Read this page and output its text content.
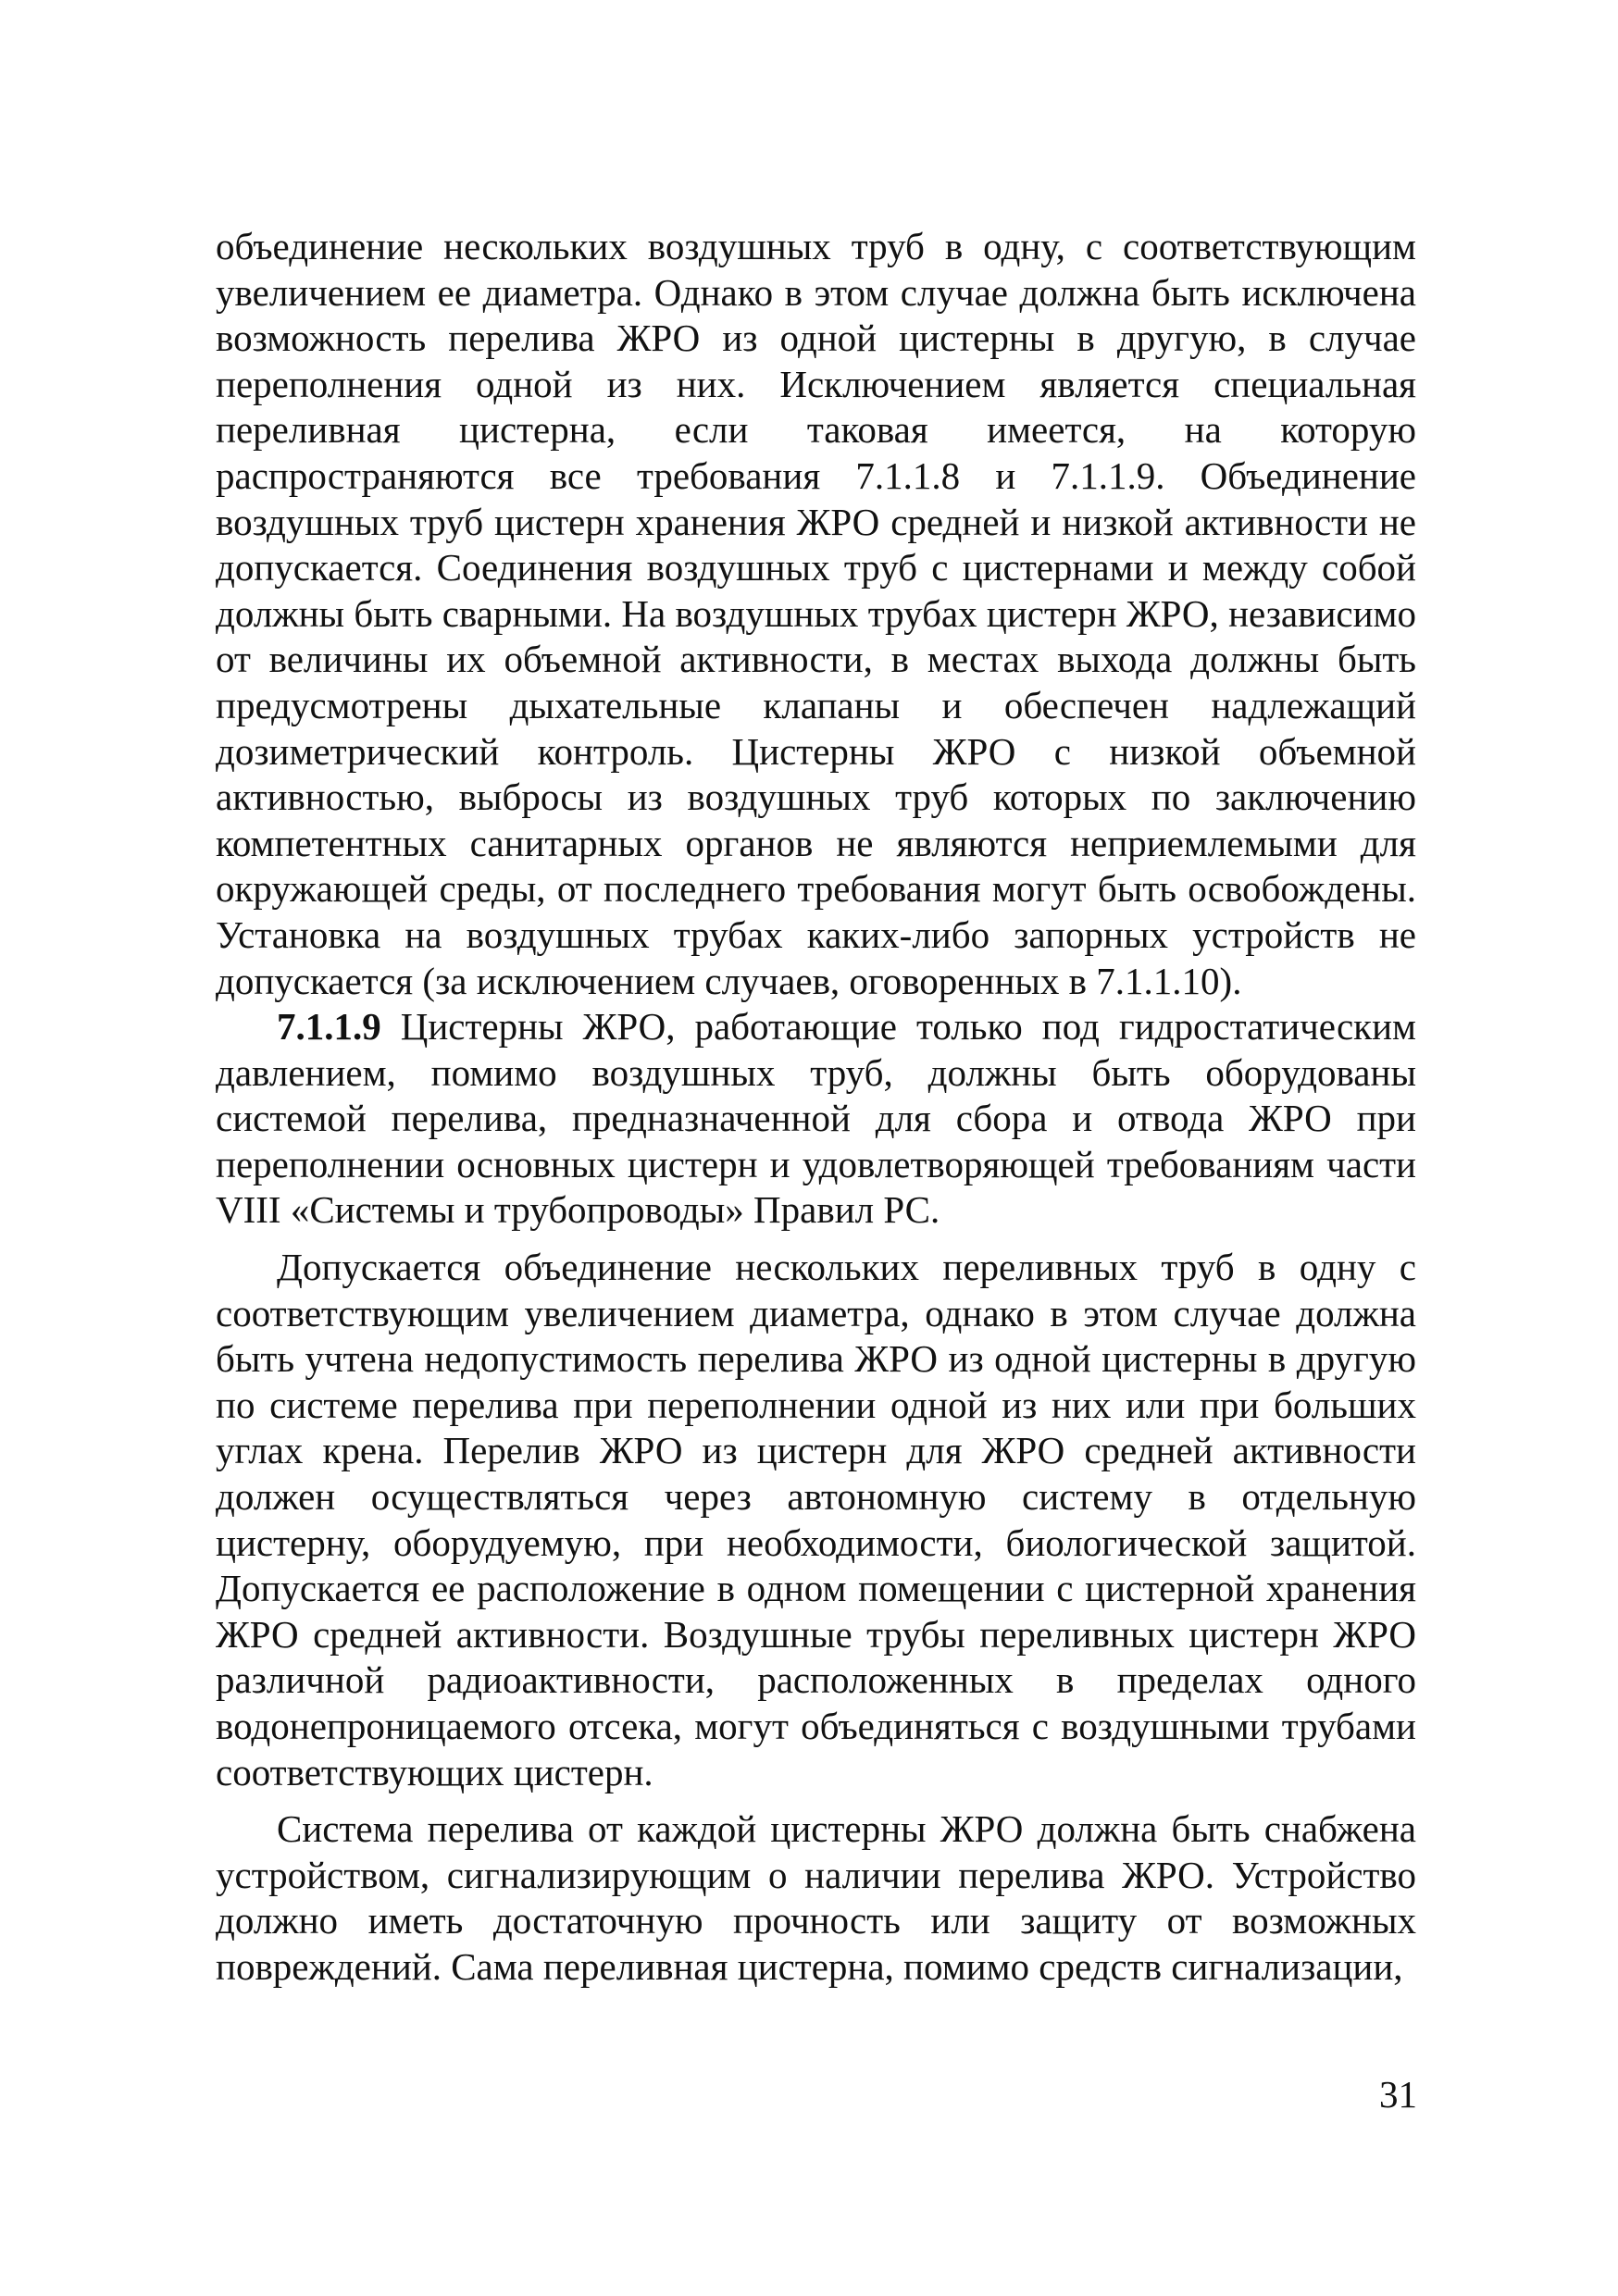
объединение нескольких воздушных труб в одну, с соответствующим увеличением ее диаметра. Однако в этом случае должна быть исключена возможность перелива ЖРО из одной цистерны в другую, в случае переполнения одной из них. Исключением является специальная переливная цистерна, если таковая имеется, на которую распространяются все требования 7.1.1.8 и 7.1.1.9. Объединение воздушных труб цистерн хранения ЖРО средней и низкой активности не допускается. Соединения воздушных труб с цистернами и между собой должны быть сварными. На воздушных трубах цистерн ЖРО, независимо от величины их объемной активности, в местах выхода должны быть предусмотрены дыхательные клапаны и обеспечен надлежащий дозиметрический контроль. Цистерны ЖРО с низкой объемной активностью, выбросы из воздушных труб которых по заключению компетентных санитарных органов не являются неприемлемыми для окружающей среды, от последнего требования могут быть освобождены. Установка на воздушных трубах каких-либо запорных устройств не допускается (за исключением случаев, оговоренных в 7.1.1.10).

7.1.1.9 Цистерны ЖРО, работающие только под гидростатическим давлением, помимо воздушных труб, должны быть оборудованы системой перелива, предназначенной для сбора и отвода ЖРО при переполнении основных цистерн и удовлетворяющей требованиям части VIII «Системы и трубопроводы» Правил РС.

Допускается объединение нескольких переливных труб в одну с соответствующим увеличением диаметра, однако в этом случае должна быть учтена недопустимость перелива ЖРО из одной цистерны в другую по системе перелива при переполнении одной из них или при больших углах крена. Перелив ЖРО из цистерн для ЖРО средней активности должен осуществляться через автономную систему в отдельную цистерну, оборудуемую, при необходимости, биологической защитой. Допускается ее расположение в одном помещении с цистерной хранения ЖРО средней активности. Воздушные трубы переливных цистерн ЖРО различной радиоактивности, расположенных в пределах одного водонепроницаемого отсека, могут объединяться с воздушными трубами соответствующих цистерн.

Система перелива от каждой цистерны ЖРО должна быть снабжена устройством, сигнализирующим о наличии перелива ЖРО. Устройство должно иметь достаточную прочность или защиту от возможных повреждений. Сама переливная цистерна, помимо средств сигнализации,

31
